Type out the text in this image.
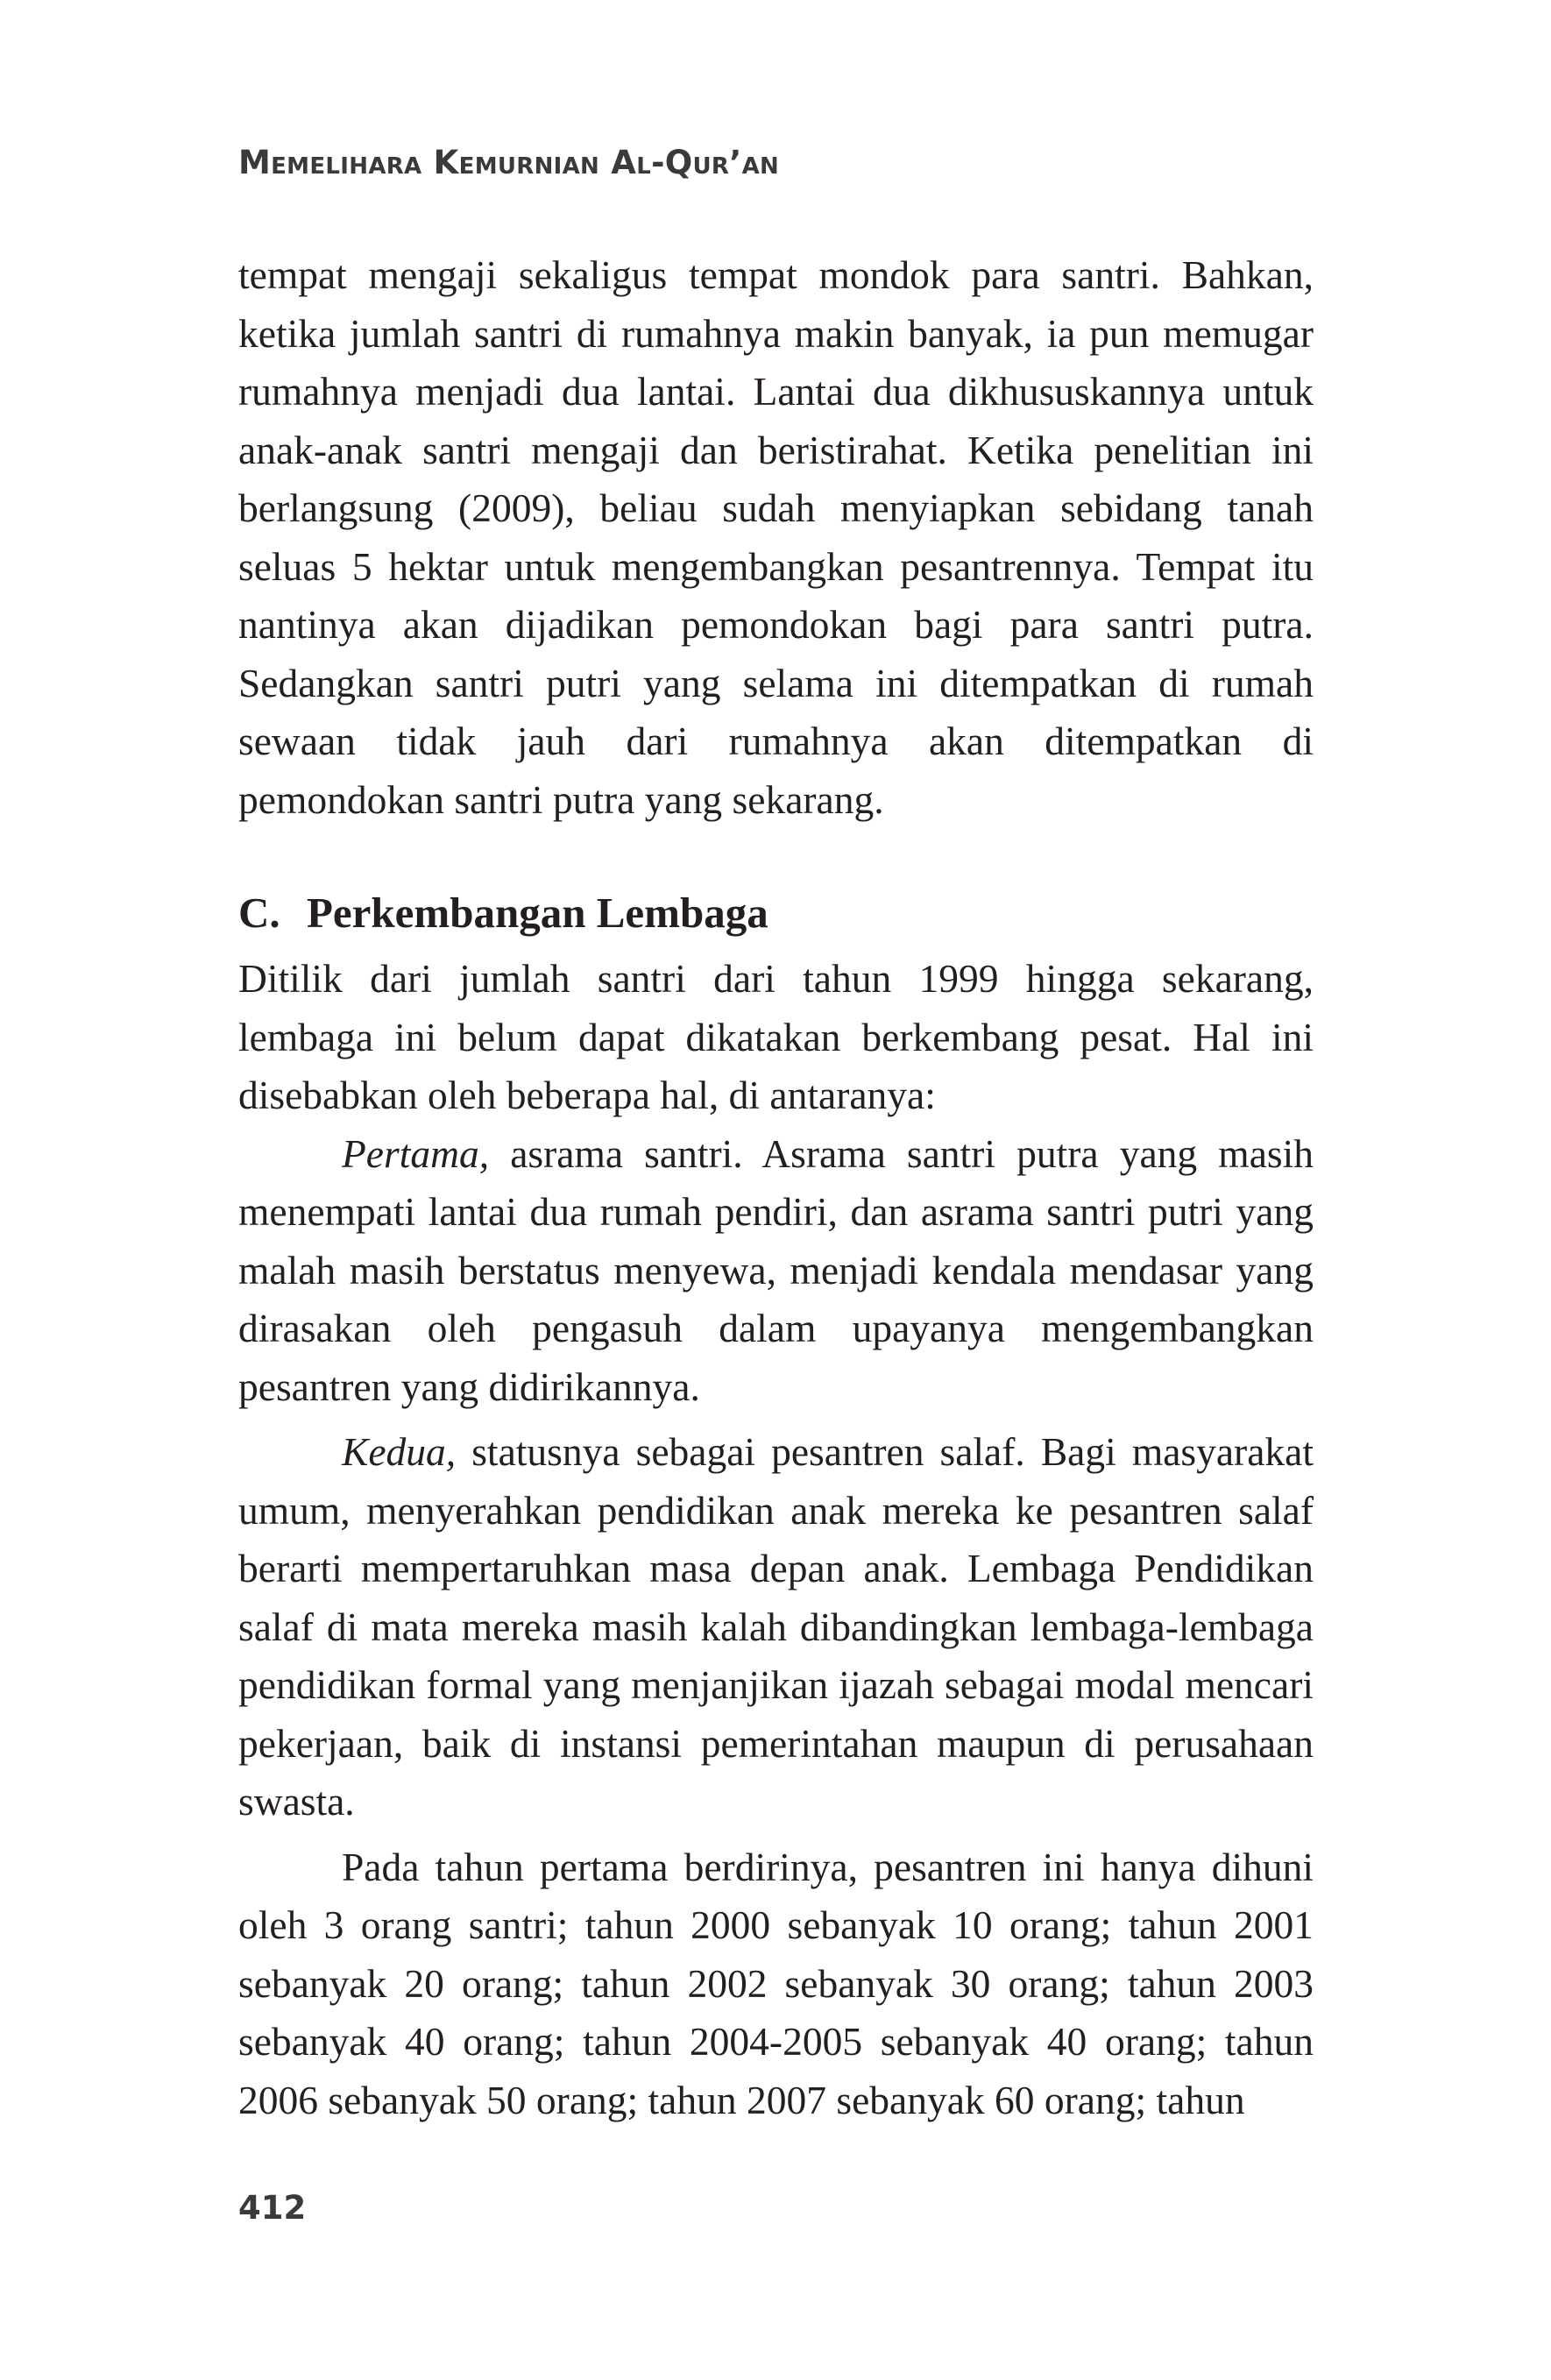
Memelihara Kemurnian Al-Qur’an

tempat mengaji sekaligus tempat mondok para santri. Bahkan, ketika jumlah santri di rumahnya makin banyak, ia pun memugar rumahnya menjadi dua lantai. Lantai dua dikhususkannya untuk anak-anak santri mengaji dan beristirahat. Ketika penelitian ini berlangsung (2009), beliau sudah menyiapkan sebidang tanah seluas 5 hektar untuk mengembangkan pesantrennya. Tempat itu nantinya akan dijadikan pemondokan bagi para santri putra. Sedangkan santri putri yang selama ini ditempatkan di rumah sewaan tidak jauh dari rumahnya akan ditempatkan di pemondokan santri putra yang sekarang.

C. Perkembangan Lembaga

Ditilik dari jumlah santri dari tahun 1999 hingga sekarang, lembaga ini belum dapat dikatakan berkembang pesat. Hal ini disebabkan oleh beberapa hal, di antaranya:

Pertama, asrama santri. Asrama santri putra yang masih menempati lantai dua rumah pendiri, dan asrama santri putri yang malah masih berstatus menyewa, menjadi kendala mendasar yang dirasakan oleh pengasuh dalam upayanya mengembangkan pesantren yang didirikannya.

Kedua, statusnya sebagai pesantren salaf. Bagi masyarakat umum, menyerahkan pendidikan anak mereka ke pesantren salaf berarti mempertaruhkan masa depan anak. Lembaga Pendidikan salaf di mata mereka masih kalah dibandingkan lembaga-lembaga pendidikan formal yang menjanjikan ijazah sebagai modal mencari pekerjaan, baik di instansi pemerintahan maupun di perusahaan swasta.

Pada tahun pertama berdirinya, pesantren ini hanya dihuni oleh 3 orang santri; tahun 2000 sebanyak 10 orang; tahun 2001 sebanyak 20 orang; tahun 2002 sebanyak 30 orang; tahun 2003 sebanyak 40 orang; tahun 2004-2005 sebanyak 40 orang; tahun 2006 sebanyak 50 orang; tahun 2007 sebanyak 60 orang; tahun

412
